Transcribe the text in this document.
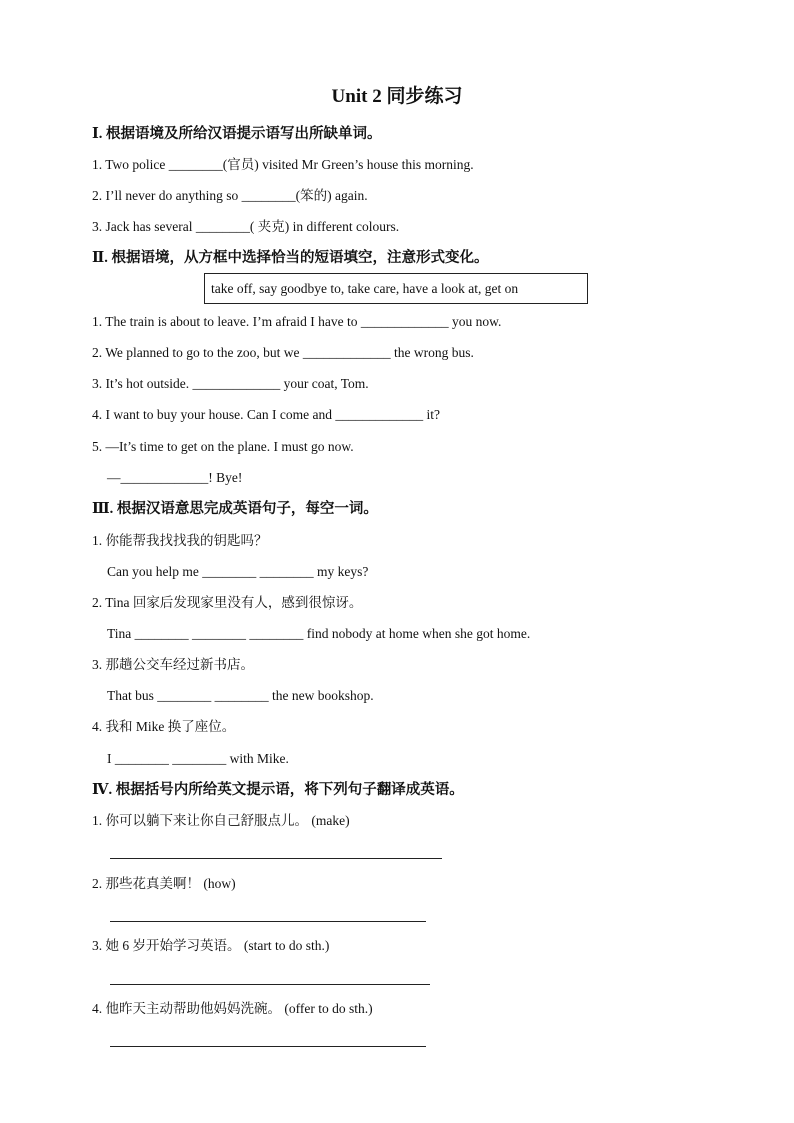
Unit 2 同步练习
Ⅰ. 根据语境及所给汉语提示语写出所缺单词。
1. Two police ________(官员) visited Mr Green’s house this morning.
2. I’ll never do anything so ________(笨的) again.
3. Jack has several ________( 夹克) in different colours.
Ⅱ. 根据语境，从方框中选择恰当的短语填空，注意形式变化。
take off, say goodbye to, take care, have a look at, get on
1. The train is about to leave. I’m afraid I have to _____________ you now.
2. We planned to go to the zoo, but we _____________ the wrong bus.
3. It’s hot outside. _____________ your coat, Tom.
4. I want to buy your house. Can I come and _____________ it?
5. —It’s time to get on the plane. I must go now.
—_____________! Bye!
Ⅲ. 根据汉语意思完成英语句子，每空一词。
1. 你能帮我找找我的钥匙吗？
Can you help me ________ ________ my keys?
2. Tina 回家后发现家里没有人，感到很惊讶。
Tina ________ ________ ________ find nobody at home when she got home.
3. 那趟公交车经过新书店。
That bus ________ ________ the new bookshop.
4. 我和 Mike 换了座位。
I ________ ________ with Mike.
Ⅳ. 根据括号内所给英文提示语，将下列句子翻译成英语。
1. 你可以躺下来让你自己舒服点儿。 (make)
2. 那些花真美啊！ (how)
3. 她 6 岁开始学习英语。 (start to do sth.)
4. 他昨天主动帮助他妈妈洗碗。 (offer to do sth.)
